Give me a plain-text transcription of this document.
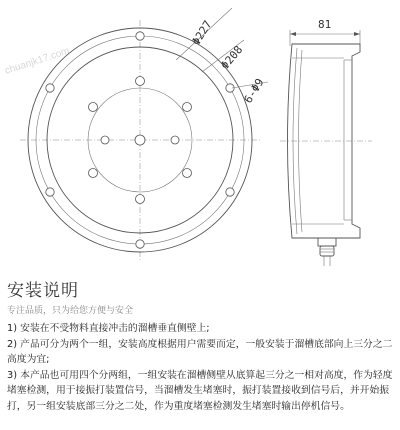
chuanjk17.com
Φ227
Φ208
6-Φ9
81
安装说明
专注品质，只为给您方便与安全

1) 安装在不受物料直接冲击的溜槽垂直侧壁上;

2) 产品可分为两个一组，安装高度根据用户需要而定，一般安装于溜槽底部向上三分之二高度为宜;

3) 本产品也可用四个分两组，一组安装在溜槽侧壁从底算起三分之一相对高度，作为轻度堵塞检测，用于接振打装置信号，当溜槽发生堵塞时，振打装置接收到信号后，并开始振打，另一组安装底部三分之二处，作为重度堵塞检测发生堵塞时输出停机信号。
